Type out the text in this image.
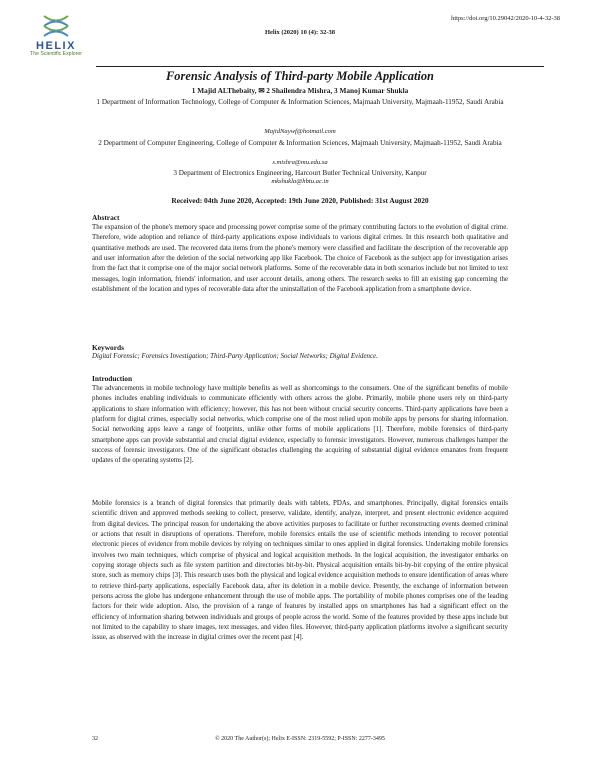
https://doi.org/10.29042/2020-10-4-32-38
HELIX
The Scientific Explorer
Helix (2020) 10 (4): 32-38
Forensic Analysis of Third-party Mobile Application
1 Majid ALThebaity, ✉ 2 Shailendra Mishra, 3 Manoj Kumar Shukla
1 Department of Information Technology, College of Computer & Information Sciences, Majmaah University, Majmaah-11952, Saudi Arabia
MajidNaywf@hotmail.com
2 Department of Computer Engineering, College of Computer & Information Sciences, Majmaah University, Majmaah-11952, Saudi Arabia
s.mishra@mu.edu.sa
3 Department of Electronics Engineering, Harcourt Butler Technical University, Kanpur
mkshukla@hbtu.ac.in
Received: 04th June 2020, Accepted: 19th June 2020, Published: 31st August 2020
Abstract
The expansion of the phone's memory space and processing power comprise some of the primary contributing factors to the evolution of digital crime. Therefore, wide adoption and reliance of third-party applications expose individuals to various digital crimes. In this research both qualitative and quantitative methods are used. The recovered data items from the phone's memory were classified and facilitate the description of the recoverable app and user information after the deletion of the social networking app like Facebook. The choice of Facebook as the subject app for investigation arises from the fact that it comprise one of the major social network platforms. Some of the recoverable data in both scenarios include but not limited to text messages, login information, friends' information, and user account details, among others. The research seeks to fill an existing gap concerning the establishment of the location and types of recoverable data after the uninstallation of the Facebook application from a smartphone device.
Keywords
Digital Forensic; Forensics Investigation; Third-Party Application; Social Networks; Digital Evidence.
Introduction
The advancements in mobile technology have multiple benefits as well as shortcomings to the consumers. One of the significant benefits of mobile phones includes enabling individuals to communicate efficiently with others across the globe. Primarily, mobile phone users rely on third-party applications to share information with efficiency; however, this has not been without crucial security concerns. Third-party applications have been a platform for digital crimes, especially social networks, which comprise one of the most relied upon mobile apps by persons for sharing information. Social networking apps leave a range of footprints, unlike other forms of mobile applications [1]. Therefore, mobile forensics of third-party smartphone apps can provide substantial and crucial digital evidence, especially to forensic investigators. However, numerous challenges hamper the success of forensic investigators. One of the significant obstacles challenging the acquiring of substantial digital evidence emanates from frequent updates of the operating systems [2].
Mobile forensics is a branch of digital forensics that primarily deals with tablets, PDAs, and smartphones. Principally, digital forensics entails scientific driven and approved methods seeking to collect, preserve, validate, identify, analyze, interpret, and present electronic evidence acquired from digital devices. The principal reason for undertaking the above activities purposes to facilitate or further reconstructing events deemed criminal or actions that result in disruptions of operations. Therefore, mobile forensics entails the use of scientific methods intending to recover potential electronic pieces of evidence from mobile devices by relying on techniques similar to ones applied in digital forensics. Undertaking mobile forensics involves two main techniques, which comprise of physical and logical acquisition methods. In the logical acquisition, the investigator embarks on copying storage objects such as file system partition and directories bit-by-bit. Physical acquisition entails bit-by-bit copying of the entire physical store, such as memory chips [3]. This research uses both the physical and logical evidence acquisition methods to ensure identification of areas where to retrieve third-party applications, especially Facebook data, after its deletion in a mobile device. Presently, the exchange of information between persons across the globe has undergone enhancement through the use of mobile apps. The portability of mobile phones comprises one of the leading factors for their wide adoption. Also, the provision of a range of features by installed apps on smartphones has had a significant effect on the efficiency of information sharing between individuals and groups of people across the world. Some of the features provided by these apps include but not limited to the capability to share images, text messages, and video files. However, third-party application platforms involve a significant security issue, as observed with the increase in digital crimes over the recent past [4].
32	© 2020 The Author(s); Helix E-ISSN: 2319-5592; P-ISSN: 2277-3495
